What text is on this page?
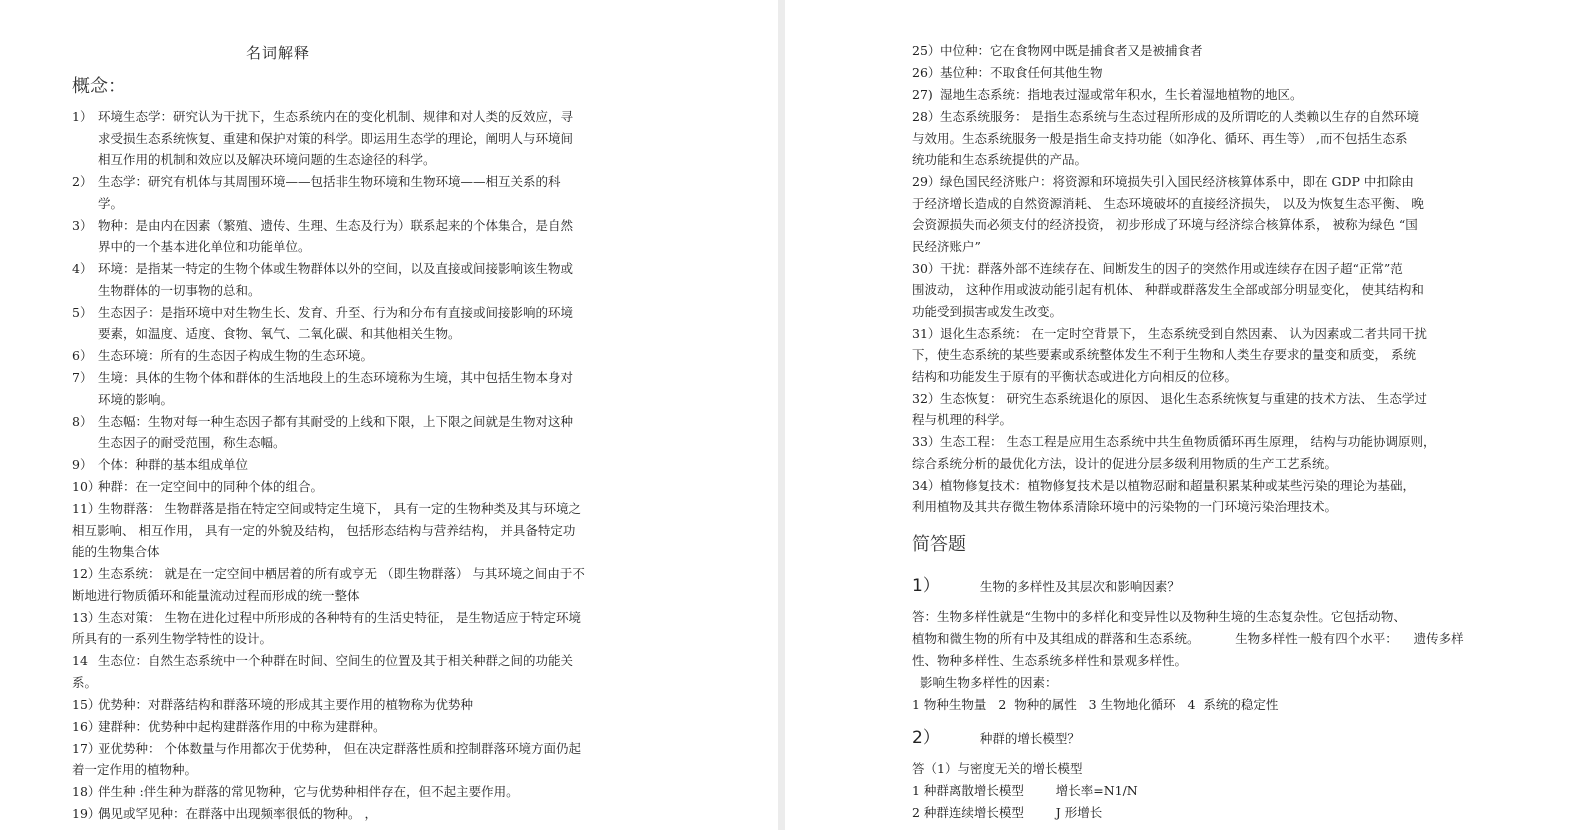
名词解释
概念：
1） 环境生态学：研究认为干扰下，生态系统内在的变化机制、规律和对人类的反效应，寻
求受损生态系统恢复、重建和保护对策的科学。即运用生态学的理论，阐明人与环境间
相互作用的机制和效应以及解决环境问题的生态途径的科学。
2） 生态学：研究有机体与其周围环境——包括非生物环境和生物环境——相互关系的科
学。
3） 物种：是由内在因素（繁殖、遗传、生理、生态及行为）联系起来的个体集合，是自然
界中的一个基本进化单位和功能单位。
4） 环境：是指某一特定的生物个体或生物群体以外的空间，以及直接或间接影响该生物或
生物群体的一切事物的总和。
5） 生态因子：是指环境中对生物生长、发育、升至、行为和分布有直接或间接影响的环境
要素，如温度、适度、食物、氧气、二氧化碳、和其他相关生物。
6） 生态环境：所有的生态因子构成生物的生态环境。
7） 生境：具体的生物个体和群体的生活地段上的生态环境称为生境，其中包括生物本身对
环境的影响。
8） 生态幅：生物对每一种生态因子都有其耐受的上线和下限，上下限之间就是生物对这种
生态因子的耐受范围，称生态幅。
9） 个体：种群的基本组成单位
10）
种群：在一定空间中的同种个体的组合。
11）
生物群落： 生物群落是指在特定空间或特定生境下， 具有一定的生物种类及其与环境之
相互影响、 相互作用， 具有一定的外貌及结构， 包括形态结构与营养结构， 并具备特定功
能的生物集合体
12）
生态系统： 就是在一定空间中栖居着的所有或亨无 （即生物群落） 与其环境之间由于不
断地进行物质循环和能量流动过程而形成的统一整体
13）
生态对策： 生物在进化过程中所形成的各种特有的生活史特征， 是生物适应于特定环境
所具有的一系列生物学特性的设计。
14 生态位：自然生态系统中一个种群在时间、空间生的位置及其于相关种群之间的功能关
系。
15）
优势种：对群落结构和群落环境的形成其主要作用的植物称为优势种
16）
建群种：优势种中起构建群落作用的中称为建群种。
17）
亚优势种： 个体数量与作用都次于优势种， 但在决定群落性质和控制群落环境方面仍起
着一定作用的植物种。
18）
伴生种 :伴生种为群落的常见物种，它与优势种相伴存在，但不起主要作用。
19）
偶见或罕见种：在群落中出现频率很低的物种。 ，
简答题
25） 中位种：它在食物网中既是捕食者又是被捕食者
26） 基位种：不取食任何其他生物
27) 湿地生态系统：指地表过湿或常年积水，生长着湿地植物的地区。
28） 生态系统服务： 是指生态系统与生态过程所形成的及所谓吃的人类赖以生存的自然环境
与效用。生态系统服务一般是指生命支持功能（如净化、循环、再生等） ,而不包括生态系
统功能和生态系统提供的产品。
29） 绿色国民经济账户：将资源和环境损失引入国民经济核算体系中，即在 GDP 中扣除由
于经济增长造成的自然资源消耗、 生态环境破坏的直接经济损失， 以及为恢复生态平衡、 晚
会资源损失而必须支付的经济投资， 初步形成了环境与经济综合核算体系， 被称为绿色 “国
民经济账户”
30） 干扰：群落外部不连续存在、间断发生的因子的突然作用或连续存在因子超“正常”范
围波动， 这种作用或波动能引起有机体、 种群或群落发生全部或部分明显变化， 使其结构和
功能受到损害或发生改变。
31） 退化生态系统： 在一定时空背景下， 生态系统受到自然因素、 认为因素或二者共同干扰
下，使生态系统的某些要素或系统整体发生不利于生物和人类生存要求的量变和质变， 系统
结构和功能发生于原有的平衡状态或进化方向相反的位移。
32） 生态恢复： 研究生态系统退化的原因、 退化生态系统恢复与重建的技术方法、 生态学过
程与机理的科学。
33） 生态工程： 生态工程是应用生态系统中共生鱼物质循环再生原理， 结构与功能协调原则，
综合系统分析的最优化方法，设计的促进分层多级利用物质的生产工艺系统。
34） 植物修复技术：植物修复技术是以植物忍耐和超量积累某种或某些污染的理论为基础，
利用植物及其共存微生物体系清除环境中的污染物的一门环境污染治理技术。
1）	生物的多样性及其层次和影响因素？
答：生物多样性就是“生物中的多样化和变异性以及物种生境的生态复杂性。它包括动物、
植物和微生物的所有中及其组成的群落和生态系统。         生物多样性一般有四个水平：    遗传多样
性、物种多样性、生态系统多样性和景观多样性。
影响生物多样性的因素：
1 物种生物量   2  物种的属性   3 生物地化循环   4  系统的稳定性
2）	种群的增长模型？
答（1）与密度无关的增长模型
1 种群离散增长模型        增长率=N1/N
2 种群连续增长模型        J 形增长
